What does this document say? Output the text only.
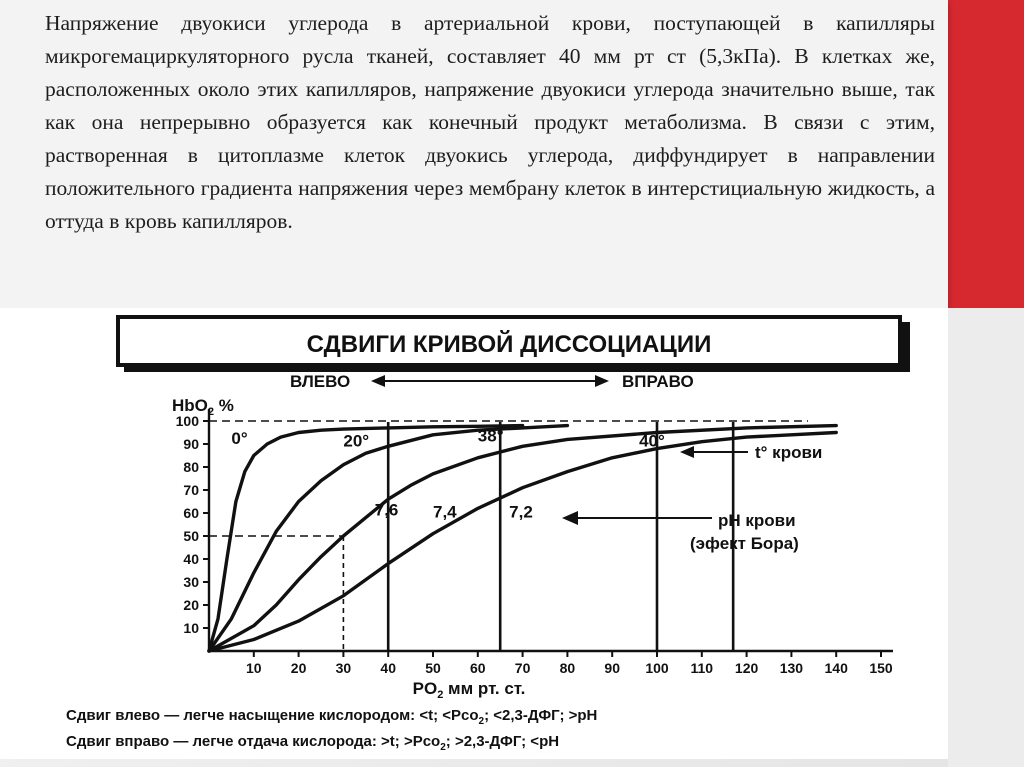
Напряжение двуокиси углерода в артериальной крови, поступающей в капилляры микрогемациркуляторного русла тканей, составляет 40 мм рт ст (5,3кПа). В клетках же, расположенных около этих капилляров, напряжение двуокиси углерода значительно выше, так как она непрерывно образуется как конечный продукт метаболизма. В связи с этим, растворенная в цитоплазме клеток двуокись углерода, диффундирует в направлении положительного градиента напряжения через мембрану клеток в интерстициальную жидкость, а оттуда в кровь капилляров.

СДВИГИ КРИВОЙ ДИССОЦИАЦИИ
ВЛЕВО	ВПРАВО
HbO$_2$ %
10
20
30
40
50
60
70
80
90
100
10 20 30 40 50 60 70 80 90 100 110 120 130 140 150
0°	20°	38°	40°
7,6 7,4	7,2
t° крови
pH крови
(эфект Бора)
$PO_2$ мм рт. ст.
Сдвиг влево — легче насыщение кислородом: <t; <Pco$_2$; <2,3-ДФГ; >pH
Сдвиг вправо — легче отдача кислорода: >t; >Pco$_2$; >2,3-ДФГ; <pH
